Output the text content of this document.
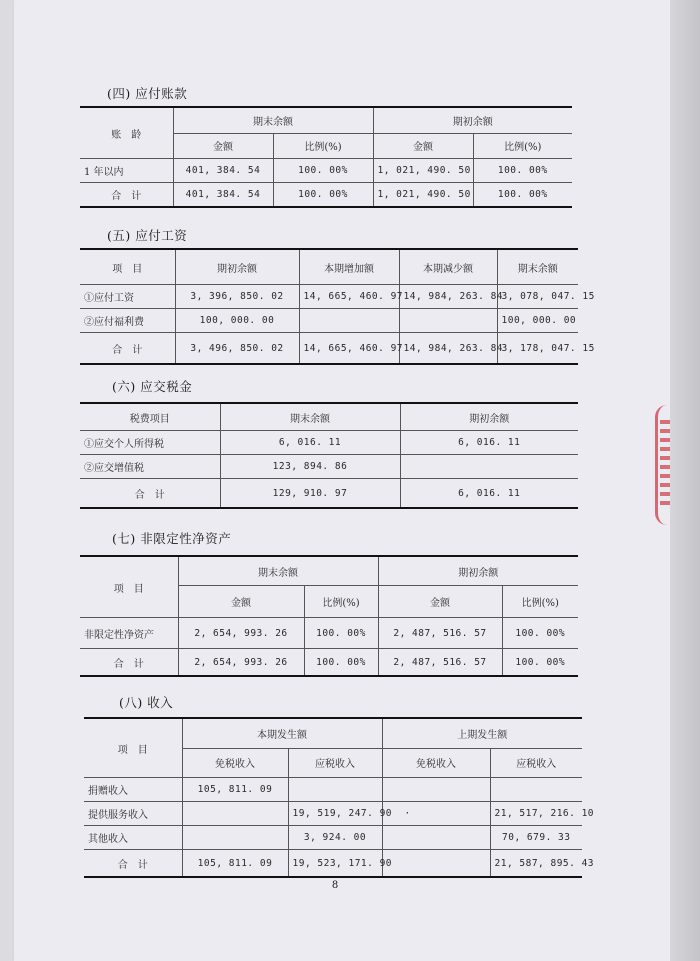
(四) 应付账款
账　龄	期末余额		期初余额	
	金额	比例(%)	金额	比例(%)
1 年以内	401, 384. 54	100. 00%	1, 021, 490. 50	100. 00%
合　计	401, 384. 54	100. 00%	1, 021, 490. 50	100. 00%
(五) 应付工资
项　目	期初余额	本期增加额	本期减少额	期末余额
①应付工资	3, 396, 850. 02	14, 665, 460. 97	14, 984, 263. 84	3, 078, 047. 15
②应付福利费	100, 000. 00			100, 000. 00
合　计	3, 496, 850. 02	14, 665, 460. 97	14, 984, 263. 84	3, 178, 047. 15
(六) 应交税金
税费项目	期末余额	期初余额
①应交个人所得税	6, 016. 11	6, 016. 11
②应交增值税	123, 894. 86	
合　计	129, 910. 97	6, 016. 11
(七) 非限定性净资产
项　目	期末余额		期初余额	
	金额	比例(%)	金额	比例(%)
非限定性净资产	2, 654, 993. 26	100. 00%	2, 487, 516. 57	100. 00%
合　计	2, 654, 993. 26	100. 00%	2, 487, 516. 57	100. 00%
(八) 收入
项　目	本期发生额		上期发生额	
	免税收入	应税收入	免税收入	应税收入
捐赠收入	105, 811. 09			
提供服务收入		19, 519, 247. 90	·	21, 517, 216. 10
其他收入		3, 924. 00		70, 679. 33
合　计	105, 811. 09	19, 523, 171. 90		21, 587, 895. 43
8
